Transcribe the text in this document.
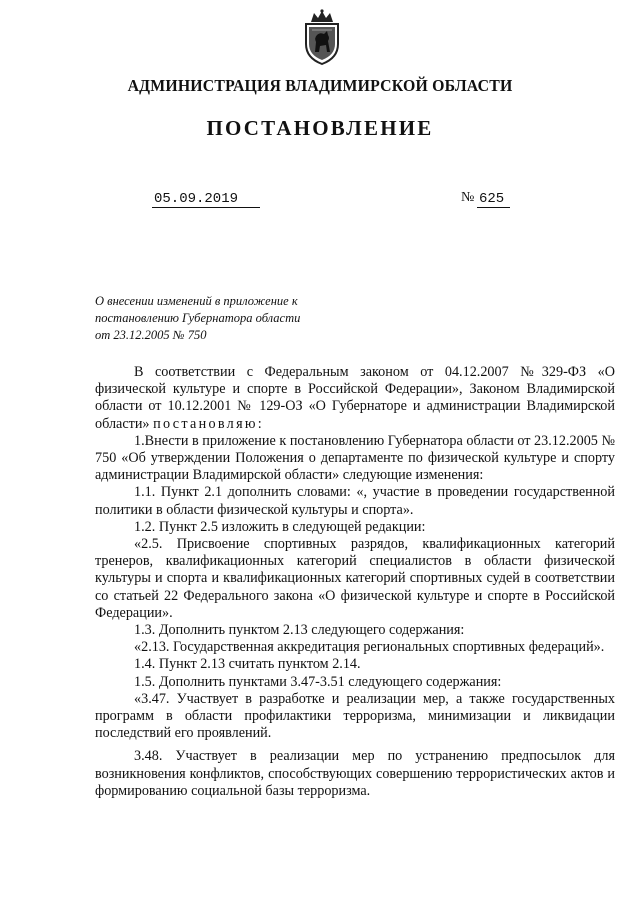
АДМИНИСТРАЦИЯ ВЛАДИМИРСКОЙ ОБЛАСТИ
ПОСТАНОВЛЕНИЕ
05.09.2019	№ 625
О внесении изменений в приложение к
постановлению Губернатора области
от 23.12.2005 № 750

В соответствии с Федеральным законом от 04.12.2007 №329-ФЗ «О физической культуре и спорте в Российской Федерации», Законом Владимирской области от 10.12.2001 № 129-ОЗ «О Губернаторе и администрации Владимирской области» постановляю:

1.Внести в приложение к постановлению Губернатора области от 23.12.2005 № 750 «Об утверждении Положения о департаменте по физической культуре и спорту администрации Владимирской области» следующие изменения:

1.1. Пункт 2.1 дополнить словами: «, участие в проведении государственной политики в области физической культуры и спорта».

1.2. Пункт 2.5 изложить в следующей редакции:

«2.5. Присвоение спортивных разрядов, квалификационных категорий тренеров, квалификационных категорий специалистов в области физической культуры и спорта и квалификационных категорий спортивных судей в соответствии со статьей 22 Федерального закона «О физической культуре и спорте в Российской Федерации».

1.3. Дополнить пунктом 2.13 следующего содержания:

«2.13. Государственная аккредитация региональных спортивных федераций».

1.4. Пункт 2.13 считать пунктом 2.14.

1.5. Дополнить пунктами 3.47-3.51 следующего содержания:

«3.47. Участвует в разработке и реализации мер, а также государственных программ в области профилактики терроризма, минимизации и ликвидации последствий его проявлений.

3.48. Участвует в реализации мер по устранению предпосылок для возникновения конфликтов, способствующих совершению террористических актов и формированию социальной базы терроризма.
